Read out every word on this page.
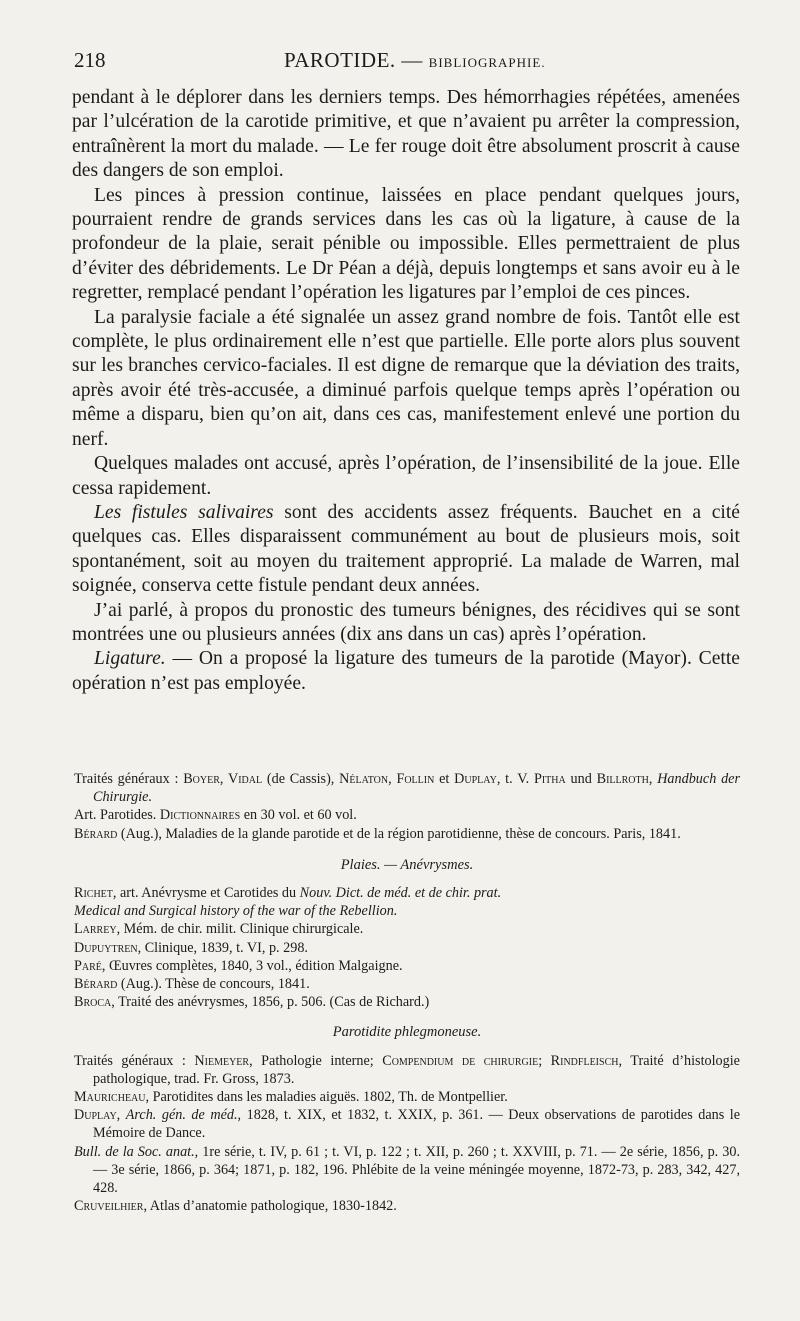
218	PAROTIDE. — BIBLIOGRAPHIE.

pendant à le déplorer dans les derniers temps. Des hémorrhagies répétées, amenées par l’ulcération de la carotide primitive, et que n’avaient pu arrêter la compression, entraînèrent la mort du malade. — Le fer rouge doit être absolument proscrit à cause des dangers de son emploi.

Les pinces à pression continue, laissées en place pendant quelques jours, pourraient rendre de grands services dans les cas où la ligature, à cause de la profondeur de la plaie, serait pénible ou impossible. Elles permettraient de plus d’éviter des débridements. Le Dr Péan a déjà, depuis longtemps et sans avoir eu à le regretter, remplacé pendant l’opération les ligatures par l’emploi de ces pinces.

La paralysie faciale a été signalée un assez grand nombre de fois. Tantôt elle est complète, le plus ordinairement elle n’est que partielle. Elle porte alors plus souvent sur les branches cervico-faciales. Il est digne de remarque que la déviation des traits, après avoir été très-accusée, a diminué parfois quelque temps après l’opération ou même a disparu, bien qu’on ait, dans ces cas, manifestement enlevé une portion du nerf.

Quelques malades ont accusé, après l’opération, de l’insensibilité de la joue. Elle cessa rapidement.

Les fistules salivaires sont des accidents assez fréquents. Bauchet en a cité quelques cas. Elles disparaissent communément au bout de plusieurs mois, soit spontanément, soit au moyen du traitement approprié. La malade de Warren, mal soignée, conserva cette fistule pendant deux années.

J’ai parlé, à propos du pronostic des tumeurs bénignes, des récidives qui se sont montrées une ou plusieurs années (dix ans dans un cas) après l’opération.

Ligature. — On a proposé la ligature des tumeurs de la parotide (Mayor). Cette opération n’est pas employée.

Traités généraux : Boyer, Vidal (de Cassis), Nélaton, Follin et Duplay, t. V. Pitha und Billroth, Handbuch der Chirurgie.

Art. Parotides. Dictionnaires en 30 vol. et 60 vol.

Bérard (Aug.), Maladies de la glande parotide et de la région parotidienne, thèse de concours. Paris, 1841.

Plaies. — Anévrysmes.

Richet, art. Anévrysme et Carotides du Nouv. Dict. de méd. et de chir. prat.

Medical and Surgical history of the war of the Rebellion.

Larrey, Mém. de chir. milit. Clinique chirurgicale.

Dupuytren, Clinique, 1839, t. VI, p. 298.

Paré, Œuvres complètes, 1840, 3 vol., édition Malgaigne.

Bérard (Aug.). Thèse de concours, 1841.

Broca, Traité des anévrysmes, 1856, p. 506. (Cas de Richard.)

Parotidite phlegmoneuse.

Traités généraux : Niemeyer, Pathologie interne; Compendium de chirurgie; Rindfleisch, Traité d’histologie pathologique, trad. Fr. Gross, 1873.

Mauricheau, Parotidites dans les maladies aiguës. 1802, Th. de Montpellier.

Duplay, Arch. gén. de méd., 1828, t. XIX, et 1832, t. XXIX, p. 361. — Deux observations de parotides dans le Mémoire de Dance.

Bull. de la Soc. anat., 1re série, t. IV, p. 61 ; t. VI, p. 122 ; t. XII, p. 260 ; t. XXVIII, p. 71. — 2e série, 1856, p. 30. — 3e série, 1866, p. 364; 1871, p. 182, 196. Phlébite de la veine méningée moyenne, 1872-73, p. 283, 342, 427, 428.

Cruveilhier, Atlas d’anatomie pathologique, 1830-1842.
